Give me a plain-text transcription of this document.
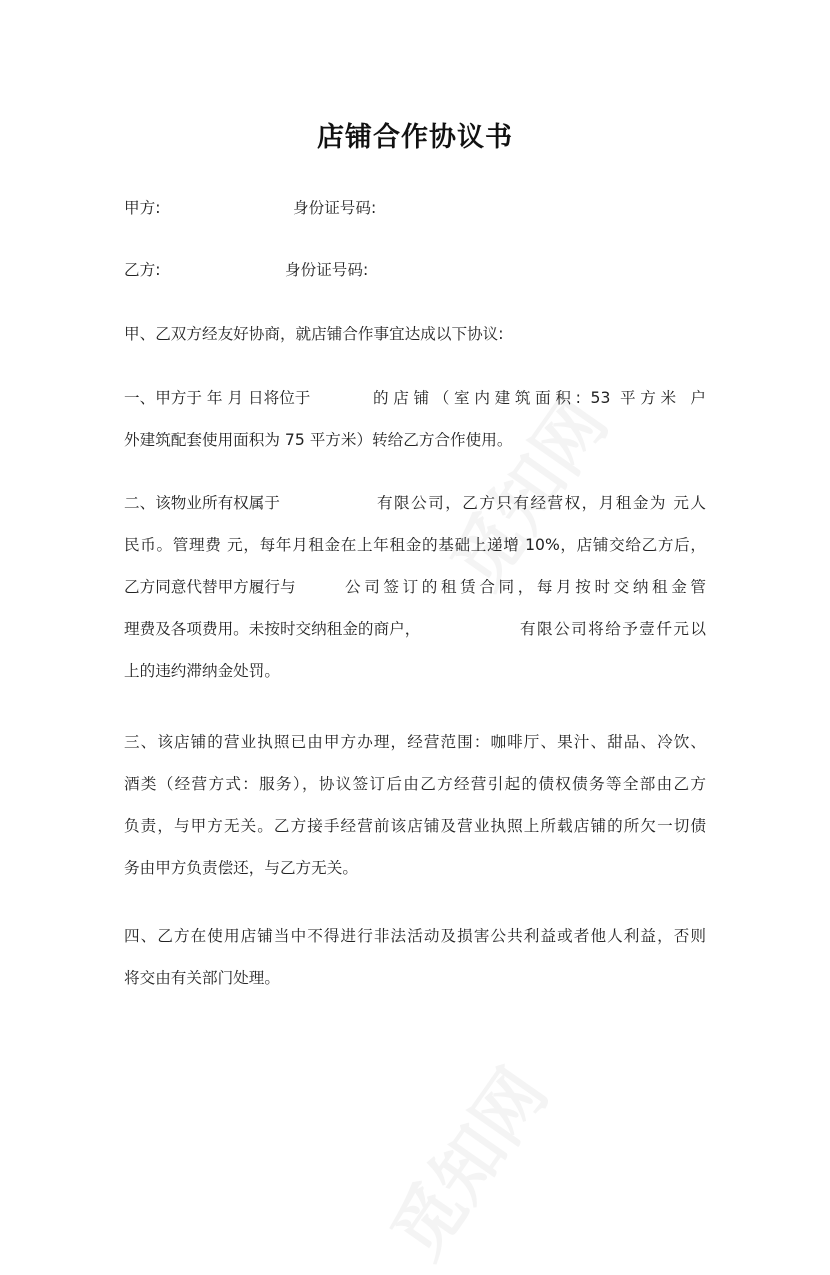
店铺合作协议书
甲方:	身份证号码:
乙方:	身份证号码:
甲、乙双方经友好协商，就店铺合作事宜达成以下协议:
一、甲方于 年 月 日将位于	的店铺（室内建筑面积: 53 平方米 户
外建筑配套使用面积为 75 平方米）转给乙方合作使用。
二、该物业所有权属于	有限公司，乙方只有经营权，月租金为 元人
民币。管理费 元，每年月租金在上年租金的基础上递增 10%，店铺交给乙方后，
乙方同意代替甲方履行与	公司签订的租赁合同，每月按时交纳租金管
理费及各项费用。未按时交纳租金的商户，	有限公司将给予壹仟元以
上的违约滞纳金处罚。
三、该店铺的营业执照已由甲方办理，经营范围：咖啡厅、果汁、甜品、冷饮、
酒类（经营方式：服务），协议签订后由乙方经营引起的债权债务等全部由乙方
负责，与甲方无关。乙方接手经营前该店铺及营业执照上所载店铺的所欠一切债
务由甲方负责偿还，与乙方无关。
四、乙方在使用店铺当中不得进行非法活动及损害公共利益或者他人利益，否则
将交由有关部门处理。
